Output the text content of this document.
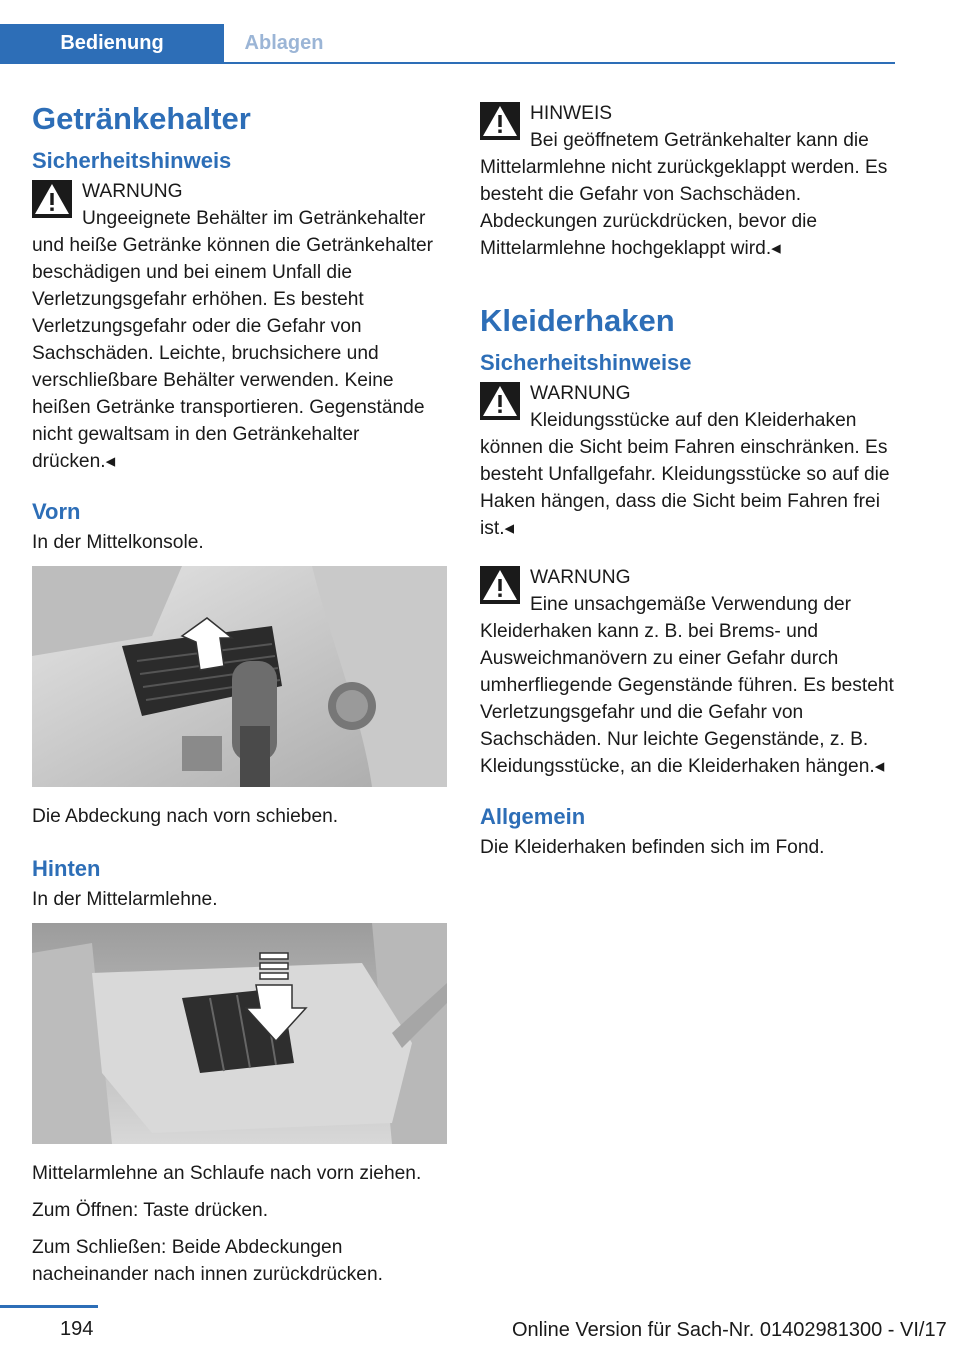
Bedienung	Ablagen
Getränkehalter
Sicherheitshinweis
WARNUNG
Ungeeignete Behälter im Getränkehalter
und heiße Getränke können die Getränkehalter beschädigen und bei einem Unfall die Verletzungsgefahr erhöhen. Es besteht Verletzungsgefahr oder die Gefahr von Sachschäden. Leichte, bruchsichere und verschließbare Behälter verwenden. Keine heißen Getränke transportieren. Gegenstände nicht gewaltsam in den Getränkehalter drücken.◂
Vorn
In der Mittelkonsole.
Die Abdeckung nach vorn schieben.
Hinten
In der Mittelarmlehne.
Mittelarmlehne an Schlaufe nach vorn ziehen.
Zum Öffnen: Taste drücken.
Zum Schließen: Beide Abdeckungen nacheinander nach innen zurückdrücken.
HINWEIS
Bei geöffnetem Getränkehalter kann die
Mittelarmlehne nicht zurückgeklappt werden. Es besteht die Gefahr von Sachschäden. Abdeckungen zurückdrücken, bevor die Mittelarmlehne hochgeklappt wird.◂
Kleiderhaken
Sicherheitshinweise
WARNUNG
Kleidungsstücke auf den Kleiderhaken
können die Sicht beim Fahren einschränken. Es besteht Unfallgefahr. Kleidungsstücke so auf die Haken hängen, dass die Sicht beim Fahren frei ist.◂
WARNUNG
Eine unsachgemäße Verwendung der
Kleiderhaken kann z. B. bei Brems- und Ausweichmanövern zu einer Gefahr durch umherfliegende Gegenstände führen. Es besteht Verletzungsgefahr und die Gefahr von Sachschäden. Nur leichte Gegenstände, z. B. Kleidungsstücke, an die Kleiderhaken hängen.◂
Allgemein
Die Kleiderhaken befinden sich im Fond.
194	Online Version für Sach-Nr. 01402981300 - VI/17
